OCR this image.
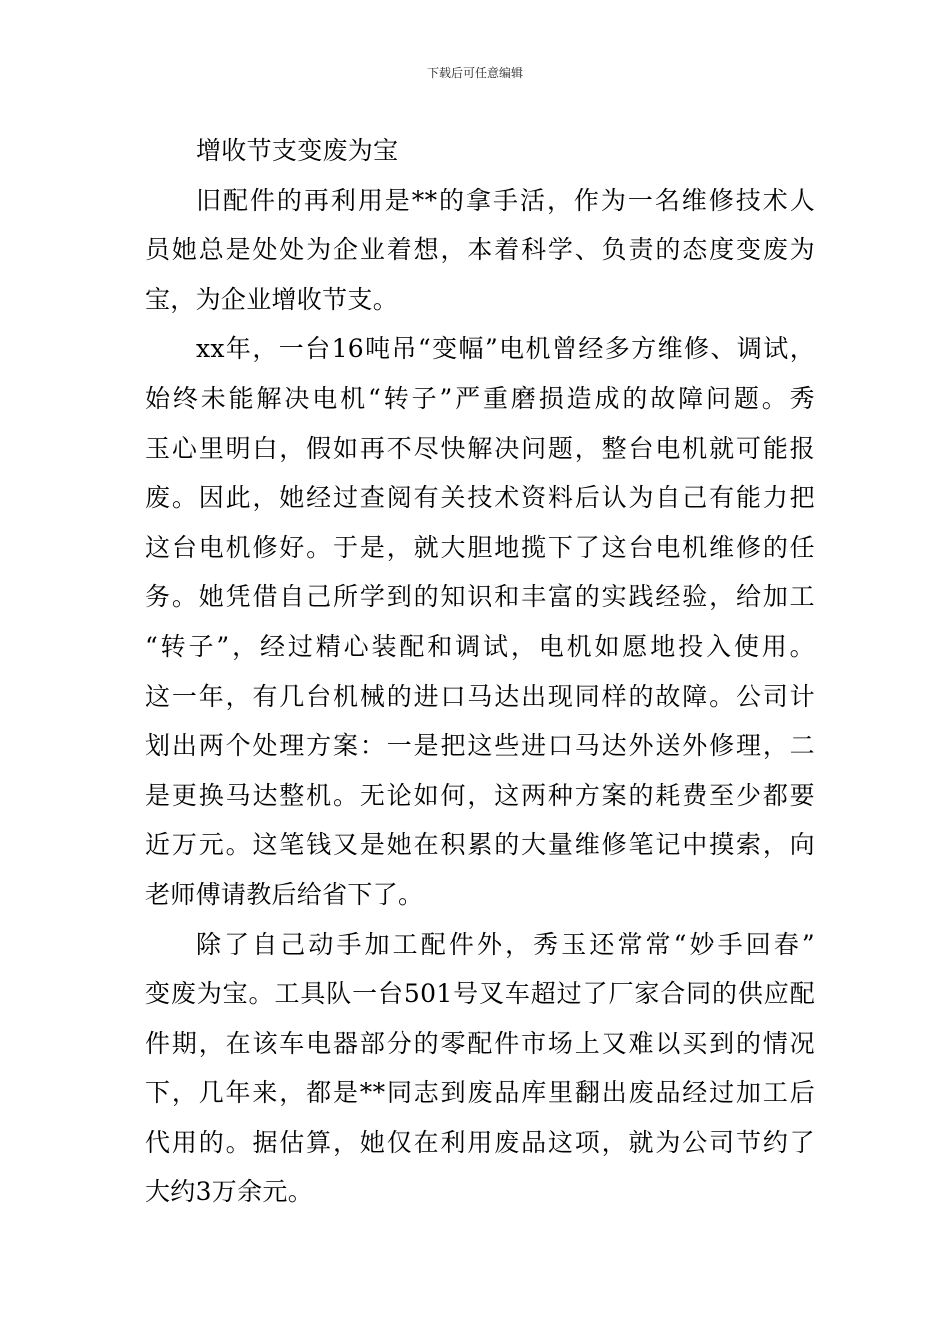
下载后可任意编辑
增收节支变废为宝
旧配件的再利用是**的拿手活，作为一名维修技术人
员她总是处处为企业着想，本着科学、负责的态度变废为
宝，为企业增收节支。
xx年，一台16吨吊“变幅”电机曾经多方维修、调试，
始终未能解决电机“转子”严重磨损造成的故障问题。秀
玉心里明白，假如再不尽快解决问题，整台电机就可能报
废。因此，她经过查阅有关技术资料后认为自己有能力把
这台电机修好。于是，就大胆地揽下了这台电机维修的任
务。她凭借自己所学到的知识和丰富的实践经验，给加工
“转子”，经过精心装配和调试，电机如愿地投入使用。
这一年，有几台机械的进口马达出现同样的故障。公司计
划出两个处理方案：一是把这些进口马达外送外修理，二
是更换马达整机。无论如何，这两种方案的耗费至少都要
近万元。这笔钱又是她在积累的大量维修笔记中摸索，向
老师傅请教后给省下了。
除了自己动手加工配件外，秀玉还常常“妙手回春”
变废为宝。工具队一台501号叉车超过了厂家合同的供应配
件期，在该车电器部分的零配件市场上又难以买到的情况
下，几年来，都是**同志到废品库里翻出废品经过加工后
代用的。据估算，她仅在利用废品这项，就为公司节约了
大约3万余元。
